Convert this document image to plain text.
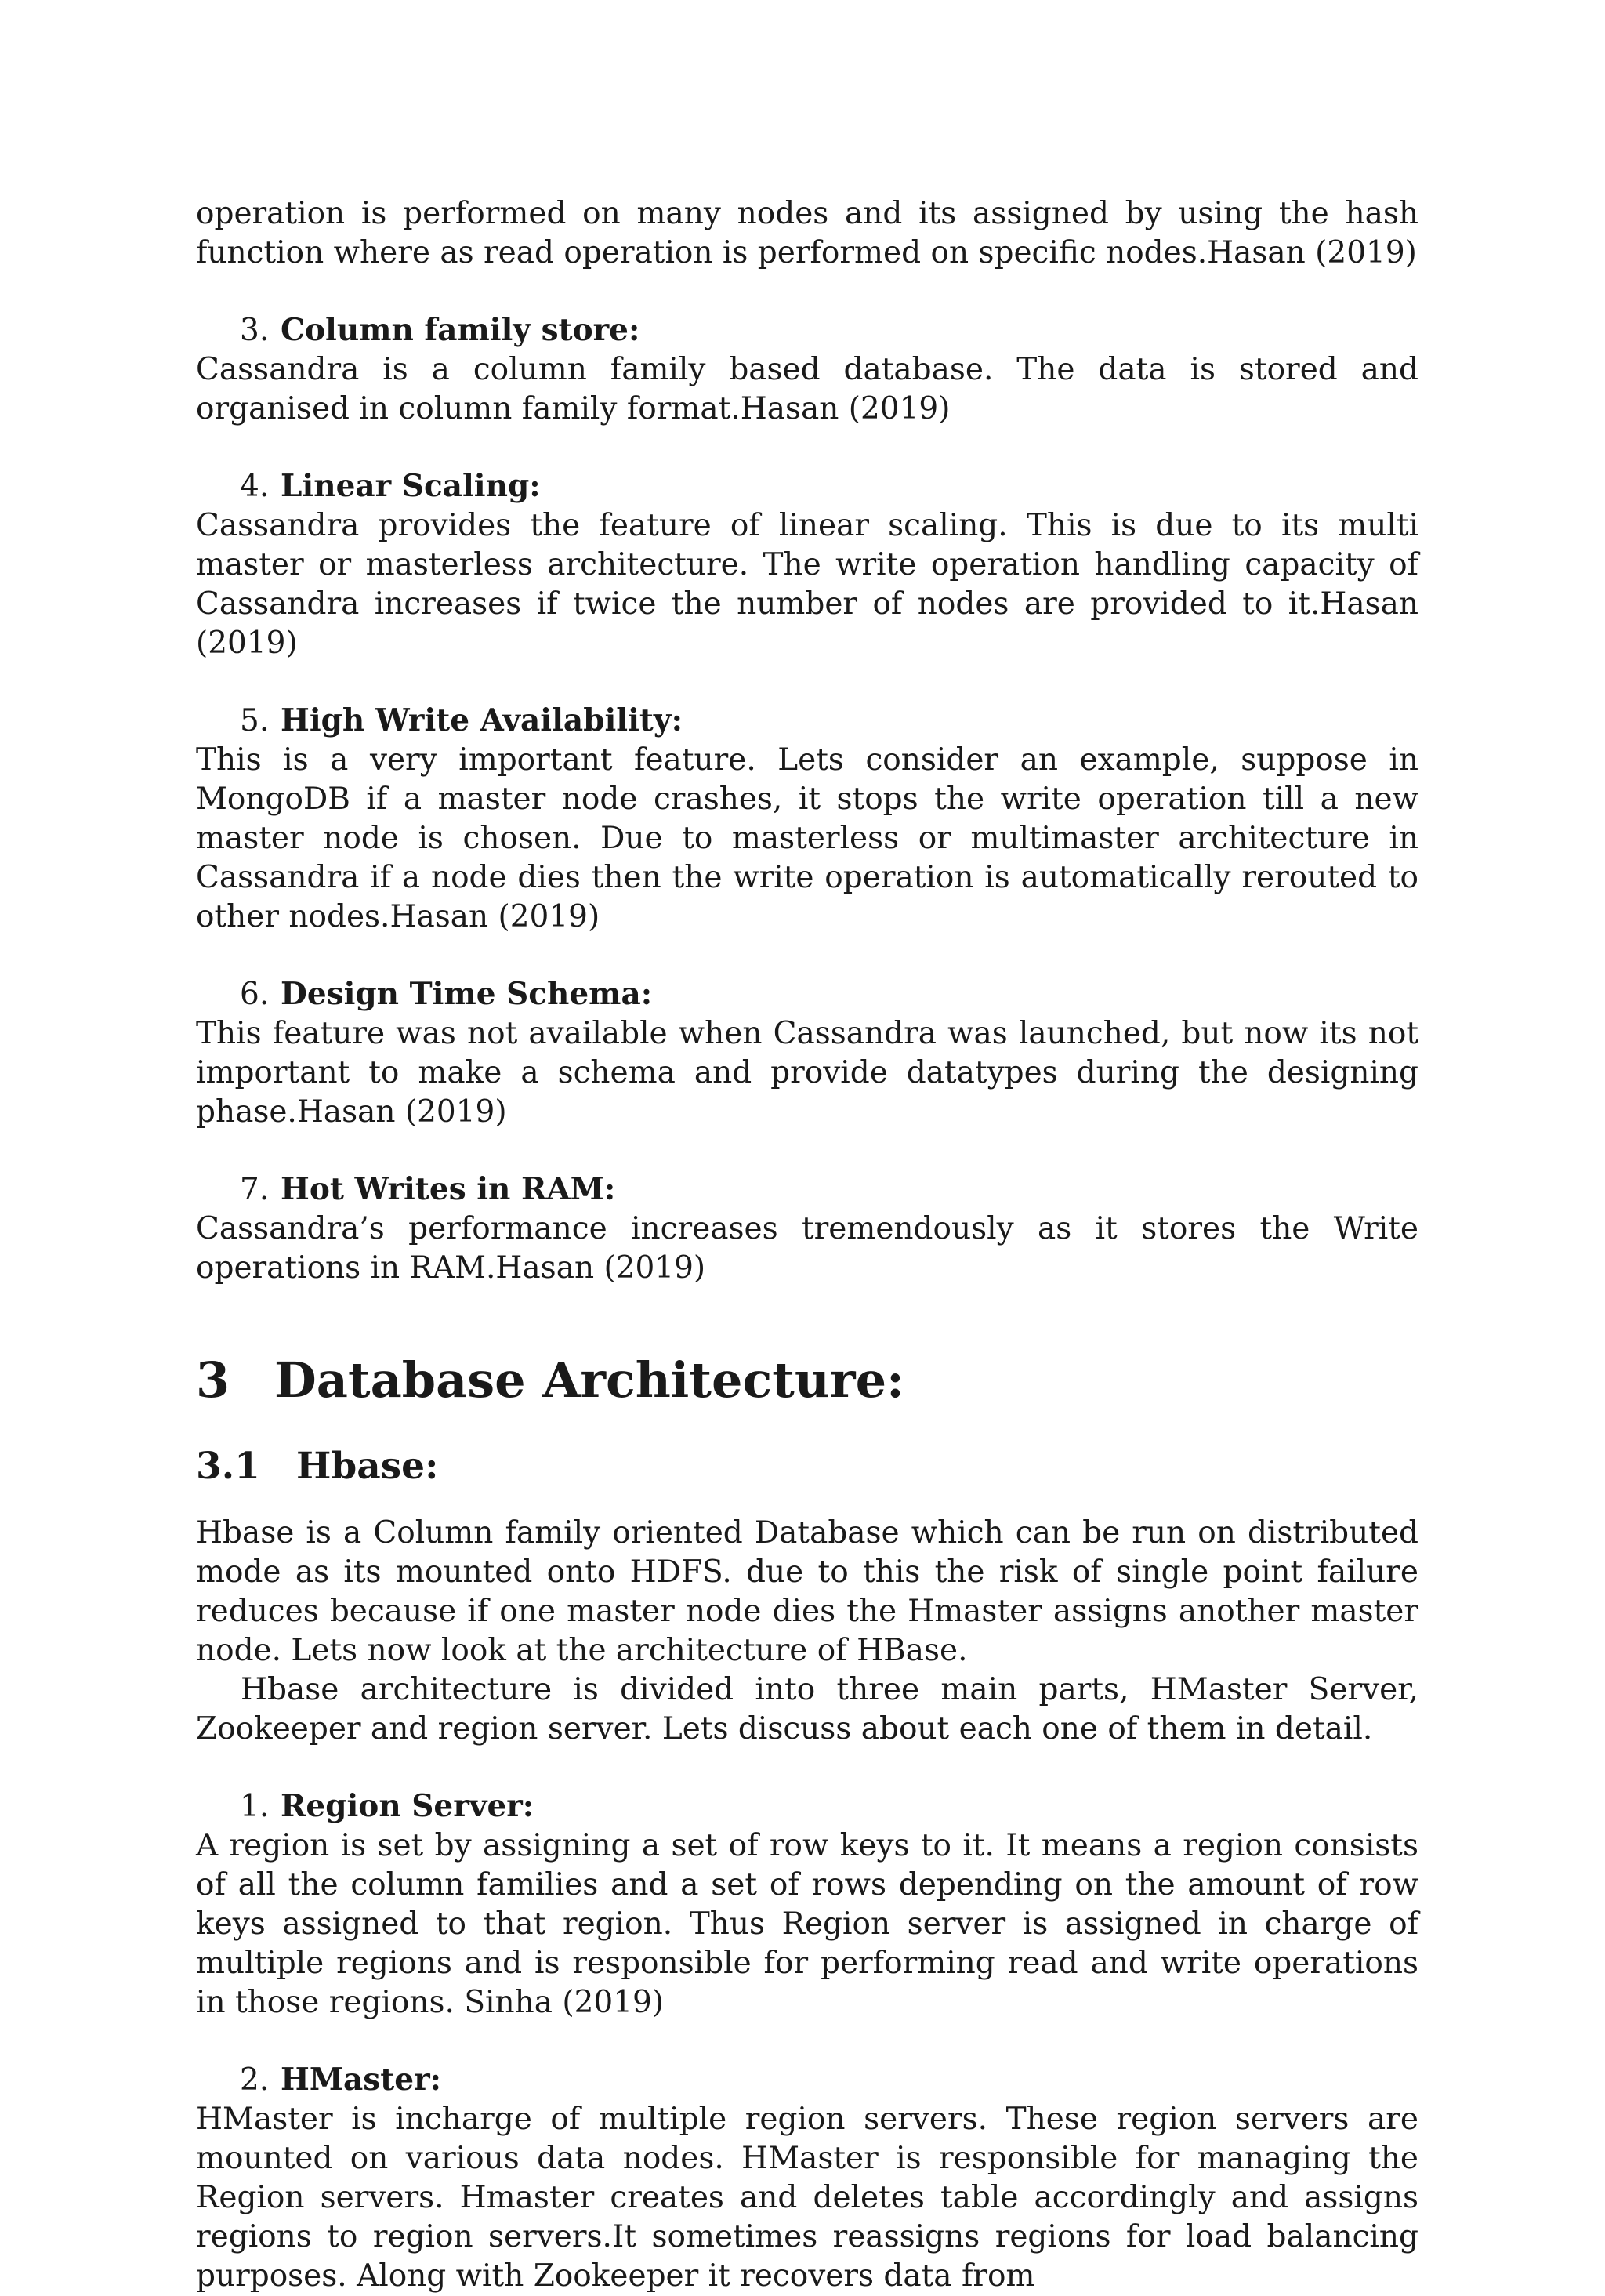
operation is performed on many nodes and its assigned by using the hash function where as read operation is performed on specific nodes.Hasan (2019)

3. Column family store:

Cassandra is a column family based database. The data is stored and organised in column family format.Hasan (2019)

4. Linear Scaling:

Cassandra provides the feature of linear scaling. This is due to its multi master or masterless architecture. The write operation handling capacity of Cassandra increases if twice the number of nodes are provided to it.Hasan (2019)

5. High Write Availability:

This is a very important feature. Lets consider an example, suppose in MongoDB if a master node crashes, it stops the write operation till a new master node is chosen. Due to masterless or multimaster architecture in Cassandra if a node dies then the write operation is automatically rerouted to other nodes.Hasan (2019)

6. Design Time Schema:

This feature was not available when Cassandra was launched, but now its not important to make a schema and provide datatypes during the designing phase.Hasan (2019)

7. Hot Writes in RAM:

Cassandra’s performance increases tremendously as it stores the Write operations in RAM.Hasan (2019)

3 Database Architecture:
3.1 Hbase:

Hbase is a Column family oriented Database which can be run on distributed mode as its mounted onto HDFS. due to this the risk of single point failure reduces because if one master node dies the Hmaster assigns another master node. Lets now look at the architecture of HBase.

Hbase architecture is divided into three main parts, HMaster Server, Zookeeper and region server. Lets discuss about each one of them in detail.

1. Region Server:

A region is set by assigning a set of row keys to it. It means a region consists of all the column families and a set of rows depending on the amount of row keys assigned to that region. Thus Region server is assigned in charge of multiple regions and is responsible for performing read and write operations in those regions. Sinha (2019)

2. HMaster:

HMaster is incharge of multiple region servers. These region servers are mounted on various data nodes. HMaster is responsible for managing the Region servers. Hmaster creates and deletes table accordingly and assigns regions to region servers.It sometimes reassigns regions for load balancing purposes. Along with Zookeeper it recovers data from
